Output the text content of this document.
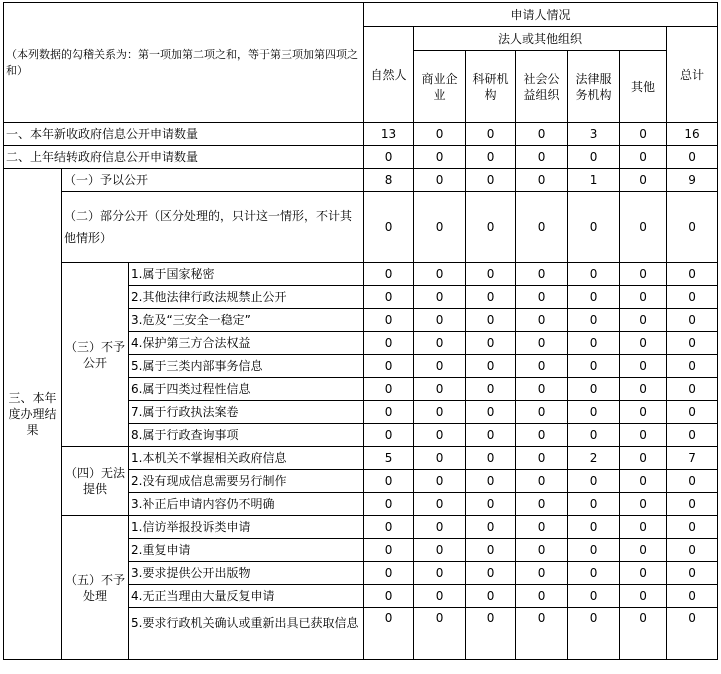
（本列数据的勾稽关系为：第一项加第二项之和，等于第三项加第四项之和）			申请人情况						
			自然人	法人或其他组织					总计
				商业企业	科研机构	社会公益组织	法律服务机构	其他	
一、本年新收政府信息公开申请数量			13	0	0	0	3	0	16
二、上年结转政府信息公开申请数量			0	0	0	0	0	0	0
三、本年度办理结果	（一）予以公开		8	0	0	0	1	0	9
	（二）部分公开（区分处理的，只计这一情形，不计其他情形）		0	0	0	0	0	0	0
	（三）不予公开	1.属于国家秘密	0	0	0	0	0	0	0
		2.其他法律行政法规禁止公开	0	0	0	0	0	0	0
		3.危及“三安全一稳定”	0	0	0	0	0	0	0
		4.保护第三方合法权益	0	0	0	0	0	0	0
		5.属于三类内部事务信息	0	0	0	0	0	0	0
		6.属于四类过程性信息	0	0	0	0	0	0	0
		7.属于行政执法案卷	0	0	0	0	0	0	0
		8.属于行政查询事项	0	0	0	0	0	0	0
	（四）无法提供	1.本机关不掌握相关政府信息	5	0	0	0	2	0	7
		2.没有现成信息需要另行制作	0	0	0	0	0	0	0
		3.补正后申请内容仍不明确	0	0	0	0	0	0	0
	（五）不予处理	1.信访举报投诉类申请	0	0	0	0	0	0	0
		2.重复申请	0	0	0	0	0	0	0
		3.要求提供公开出版物	0	0	0	0	0	0	0
		4.无正当理由大量反复申请	0	0	0	0	0	0	0
		5.要求行政机关确认或重新出具已获取信息	0	0	0	0	0	0	0
